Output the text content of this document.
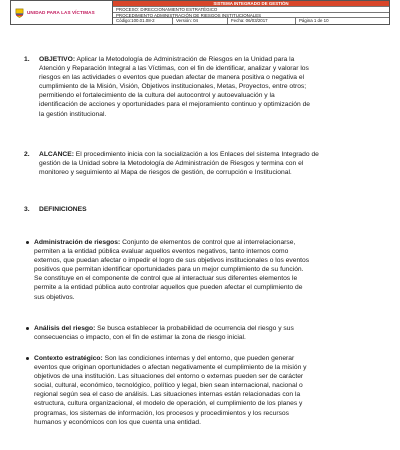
UNIDAD PARA LAS VÍCTIMAS
SISTEMA INTEGRADO DE GESTIÓN
PROCESO: DIRECCIONAMIENTO ESTRATÉGICO
PROCEDIMIENTO ADMINISTRACIÓN DE RIESGOS INSTITUCIONALES
Código:100.01.08-2	Versión: 04	Fecha: 06/03/2017	Página 1 de 10
1. OBJETIVO: Aplicar la Metodología de Administración de Riesgos en la Unidad para la
Atención y Reparación Integral a las Víctimas, con el fin de identificar, analizar y valorar los
riesgos en las actividades o eventos que puedan afectar de manera positiva o negativa el
cumplimiento de la Misión, Visión, Objetivos institucionales, Metas, Proyectos, entre otros;
permitiendo el fortalecimiento de la cultura del autocontrol y autoevaluación y la
identificación de acciones y oportunidades para el mejoramiento continuo y optimización de
la gestión institucional.
2. ALCANCE: El procedimiento inicia con la socialización a los Enlaces del sistema Integrado de
gestión de la Unidad sobre la Metodología de Administración de Riesgos y termina con el
monitoreo y seguimiento al Mapa de riesgos de gestión, de corrupción e Institucional.
3. DEFINICIONES
Administración de riesgos: Conjunto de elementos de control que al interrelacionarse,
permiten a la entidad pública evaluar aquellos eventos negativos, tanto internos como
externos, que puedan afectar o impedir el logro de sus objetivos institucionales o los eventos
positivos que permitan identificar oportunidades para un mejor cumplimiento de su función.
Se constituye en el componente de control que al interactuar sus diferentes elementos le
permite a la entidad pública auto controlar aquellos que pueden afectar el cumplimiento de
sus objetivos.
Análisis del riesgo: Se busca establecer la probabilidad de ocurrencia del riesgo y sus
consecuencias o impacto, con el fin de estimar la zona de riesgo inicial.
Contexto estratégico: Son las condiciones internas y del entorno, que pueden generar
eventos que originan oportunidades o afectan negativamente el cumplimiento de la misión y
objetivos de una institución. Las situaciones del entorno o externas pueden ser de carácter
social, cultural, económico, tecnológico, político y legal, bien sean internacional, nacional o
regional según sea el caso de análisis. Las situaciones internas están relacionadas con la
estructura, cultura organizacional, el modelo de operación, el cumplimiento de los planes y
programas, los sistemas de información, los procesos y procedimientos y los recursos
humanos y económicos con los que cuenta una entidad.
